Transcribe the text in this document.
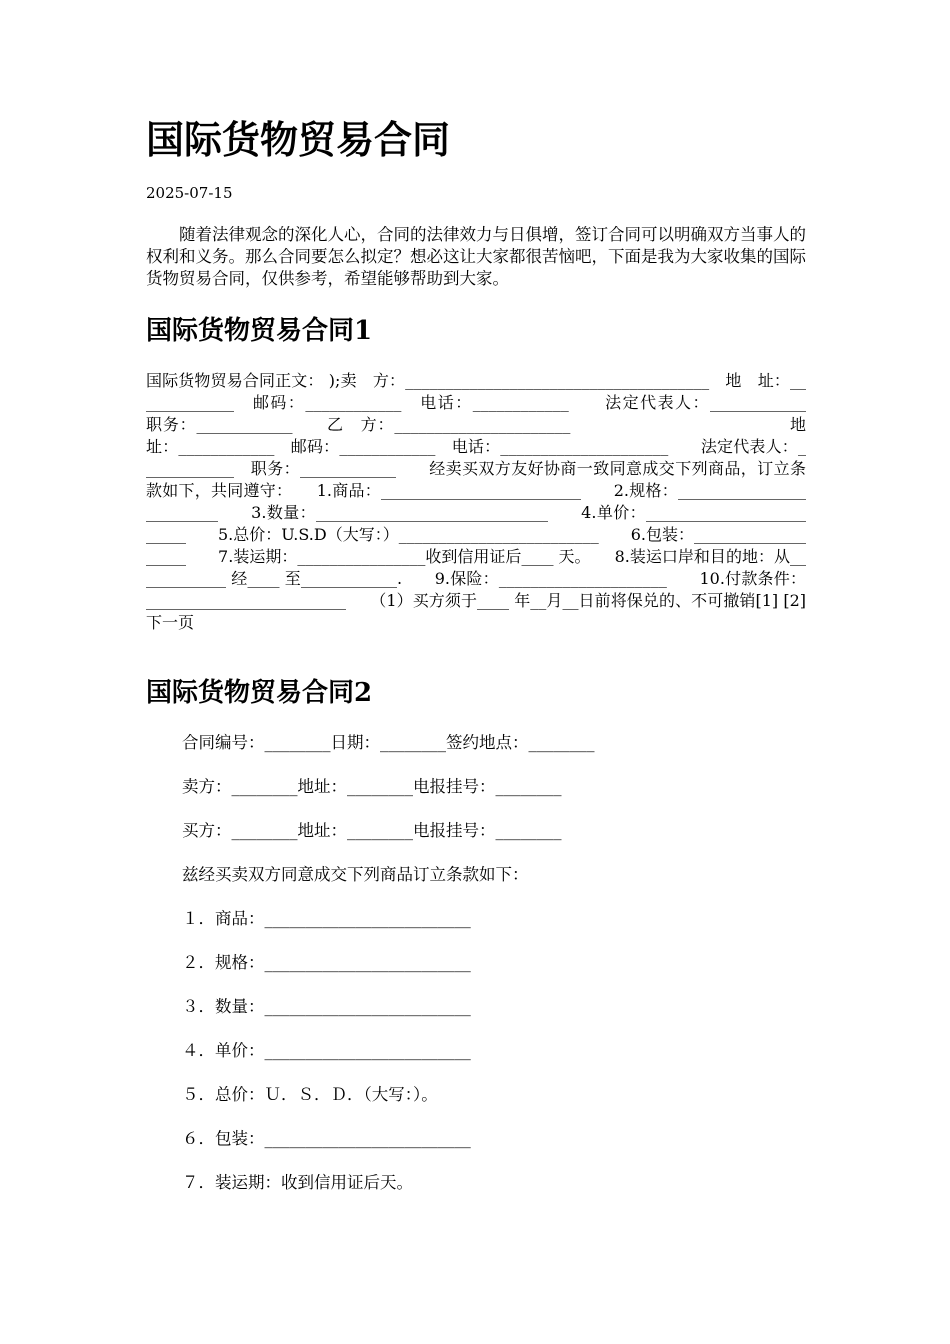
国际货物贸易合同
2025-07-15

随着法律观念的深化人心，合同的法律效力与日俱增，签订合同可以明确双方当事人的权利和义务。那么合同要怎么拟定？想必这让大家都很苦恼吧，下面是我为大家收集的国际货物贸易合同，仅供参考，希望能够帮助到大家。

国际货物贸易合同1

国际货物贸易合同正文： );卖　方：______________________________________　地　址：_____________　邮码：____________　电话：____________　　法定代表人：____________　职务：____________　　乙　方：______________________　　　　　　　　　　　　　地　址：____________　邮码：____________　电话：_____________________　　法定代表人：____________　职务：____________　　经卖买双方友好协商一致同意成交下列商品，订立条款如下，共同遵守：　　1.商品：_________________________　　2.规格：_________________________　　3.数量：_____________________________　　4.单价：_________________________　　5.总价：U.S.D（大写：）_________________________　　6.包装：___________________　　7.装运期：________________收到信用证后____ 天。　　8.装运口岸和目的地：从____________ 经____ 至____________.　　9.保险：_____________________　　10.付款条件：_________________________　　（1）买方须于____ 年__月__日前将保兑的、不可撤销[1] [2] 下一页

国际货物贸易合同2
合同编号：________日期：________签约地点：________
卖方：________地址：________电报挂号：________
买方：________地址：________电报挂号：________
兹经买卖双方同意成交下列商品订立条款如下：
１．商品：_________________________
２．规格：_________________________
３．数量：_________________________
４．单价：_________________________
５．总价：Ｕ．Ｓ．Ｄ．（大写：）。
６．包装：_________________________
７．装运期：收到信用证后天。
